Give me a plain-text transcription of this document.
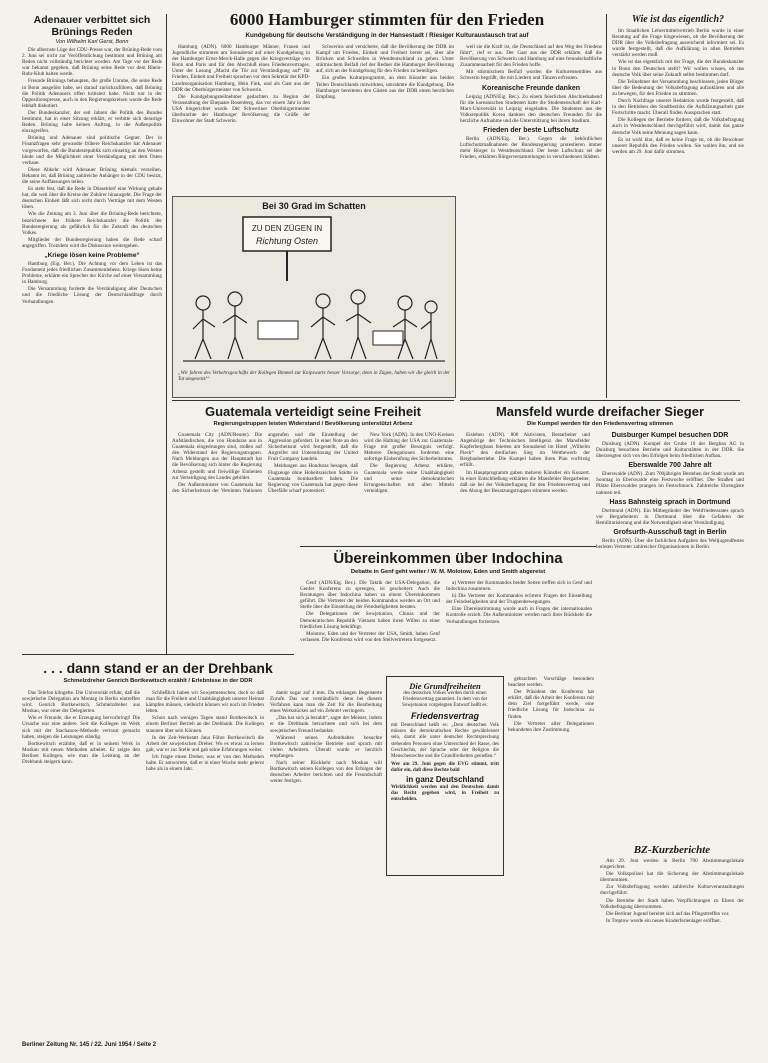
Adenauer verbittet sich
Brünings Reden
Von Wilhelm Karl Gerst, Bonn

Die albernste Lüge der CDU-Presse war, der Brüning-Rede vom 2. Juni sei nicht zur Veröffentlichung bestimmt und Brüning am Reden nicht vollständig berichtet worden. Am Tage vor der Rede war bekannt gegeben, daß Brüning seine Rede vor dem Rhein-Ruhr-Klub halten werde.

Freunde Brünings behaupten, die große Unruhe, die seine Rede in Bonn ausgelöst habe, sei darauf zurückzuführen, daß Brüning die Politik Adenauers offen kritisiert habe. Nicht nur in der Oppositionspresse, auch in den Regierungskreisen wurde die Rede lebhaft diskutiert.

Der Bundeskanzler, der seit Jahren die Politik des Bundes bestimmt, hat in einer Sitzung erklärt, er verbitte sich derartige Reden. Brüning habe keinen Auftrag, in die Außenpolitik einzugreifen.

Brüning und Adenauer sind politische Gegner. Der in Finanzfragen sehr gewandte frühere Reichskanzler hat Adenauer vorgeworfen, daß die Bundesrepublik sich einseitig an den Westen binde und die Möglichkeit einer Verständigung mit dem Osten verbaue.

Diese Abkehr wird Adenauer Brüning niemals verzeihen. Bekannt ist, daß Brüning zahlreiche Anhänger in der CDU besitzt, die seine Auffassungen teilen.

Es steht fest, daß die Rede in Düsseldorf eine Wirkung gehabt hat, die weit über die Kreise der Zuhörer hinausgeht. Die Frage der deutschen Einheit läßt sich nicht durch Verträge mit dem Westen lösen.

Wie die Zeitung am 3. Juni über die Brüning-Rede berichtete, bezeichnete der frühere Reichskanzler die Politik der Bundesregierung als gefährlich für die Zukunft des deutschen Volkes.

Mitglieder der Bundesregierung haben die Rede scharf angegriffen. Trotzdem wird die Diskussion weitergehen.

„Kriege lösen keine Probleme“

Hamburg (Eig. Ber.). Die Achtung vor dem Leben ist das Fundament jedes friedlichen Zusammenlebens. Kriege lösen keine Probleme, erklärte ein Sprecher der Kirche auf einer Versammlung in Hamburg.

Die Versammlung forderte die Verständigung aller Deutschen und die friedliche Lösung der Deutschlandfrage durch Verhandlungen.

6000 Hamburger stimmten für den Frieden
Kundgebung für deutsche Verständigung in der Hansestadt / Riesiger Kulturaustausch trat auf

Hamburg (ADN). 6000 Hamburger Männer, Frauen und Jugendliche stimmten am Sonnabend auf einer Kundgebung in der Hamburger Ernst-Merck-Halle gegen die Kriegsverträge von Bonn und Paris und für den Abschluß eines Friedensvertrages. Unter der Losung „Macht die Tür zur Verständigung auf“ für Frieden, Einheit und Freiheit sprachen vor dem Sekretär der KPD-Landesorganisation Hamburg, Hein Fink, und als Gast aus der DDR der Oberbürgermeister von Schwerin.

Die Kundgebungsteilnehmer gedachten zu Beginn der Veranstaltung der Ehepaare Rosenberg, das vor einem Jahr in den USA hingerichtet wurde. Der Schweriner Oberbürgermeister überbrachte der Hamburger Bevölkerung die Grüße der Einwohner der Stadt Schwerin.

Schwerins und versicherte, daß die Bevölkerung der DDR im Kampf um Frieden, Einheit und Freiheit bereit sei, über alle Brücken und Schwellen in Westdeutschland zu gehen. Unter stürmischem Beifall rief der Redner die Hamburger Bevölkerung auf, sich an der Kundgebung für den Frieden zu beteiligen.

Ein großes Kulturprogramm, an dem Künstler aus beiden Teilen Deutschlands mitwirkten, umrahmte die Kundgebung. Die Hamburger bereiteten den Gästen aus der DDR einen herzlichen Empfang.

weil sie die Kraft ist, die Deutschland auf den Weg des Friedens führt“, rief er aus. Der Gast aus der DDR erklärte, daß die Bevölkerung von Schwerin und Hamburg auf eine freundschaftliche Zusammenarbeit für den Frieden hoffe.

Mit stürmischem Beifall wurden die Kulturensembles aus Schwerin begrüßt, die mit Liedern und Tänzen erfreuten.

Koreanische Freunde danken

Leipzig (ADN/Eig. Ber.). Zu einem feierlichen Abschiedsabend für die koreanischen Studenten hatte die Studentenschaft der Karl-Marx-Universität in Leipzig eingeladen. Die Studenten aus der Volksrepublik Korea dankten den deutschen Freunden für die herzliche Aufnahme und die Unterstützung bei ihrem Studium.

Frieden der beste Luftschutz

Berlin (ADN/Eig. Ber.). Gegen die behördlichen Luftschutzmaßnahmen der Bundesregierung protestieren immer mehr Bürger in Westdeutschland. Der beste Luftschutz sei der Frieden, erklärten Bürgerversammlungen in verschiedenen Städten.

Bei 30 Grad im Schatten
ZU DEN ZÜGEN IN
Richtung Osten
„Wir fahren des Verkehrsgeschäfts der Kollegen Bimmel zur Knipswarte besser Vorsorge, denn in Zügen, haben wir die gleich in der Tat umgesetzt!“
Guatemala verteidigt seine Freiheit
Regierungstruppen leisten Widerstand / Bevölkerung unterstützt Arbenz

Guatemala City (ADN/Reuter). Die Aufständischen, die von Honduras aus in Guatemala eingedrungen sind, stoßen auf den Widerstand der Regierungstruppen. Nach Meldungen aus der Hauptstadt hat die Bevölkerung sich hinter die Regierung Arbenz gestellt und freiwillige Einheiten zur Verteidigung des Landes gebildet.

Der Außenminister von Guatemala hat den Sicherheitsrat der Vereinten Nationen angerufen und die Einstellung der Aggression gefordert. In einer Note an den Sicherheitsrat wird festgestellt, daß die Angreifer mit Unterstützung der United Fruit Company handeln.

Meldungen aus Honduras besagen, daß Flugzeuge ohne Hoheitszeichen Städte in Guatemala bombardiert haben. Die Regierung von Guatemala hat gegen diese Überfälle scharf protestiert.

New York (ADN). In den UNO-Kreisen wird die Haltung der USA zur Guatemala-Frage mit großer Besorgnis verfolgt. Mehrere Delegationen forderten eine sofortige Einberufung des Sicherheitsrates.

Die Regierung Arbenz erklärte, Guatemala werde seine Unabhängigkeit und seine demokratischen Errungenschaften mit allen Mitteln verteidigen.

Mansfeld wurde dreifacher Sieger
Die Kumpel werden für den Friedensvertrag stimmen

Eisleben (ADN). 800 Aktivisten, Bestarbeiter und Angehörige der Technischen Intelligenz des Mansfelder Kupferbergbaus feierten am Sonnabend im Hotel „Wilhelm Pieck“ den dreifachen Sieg im Wettbewerb der Bergbaubetriebe. Die Kumpel haben ihren Plan vorfristig erfüllt.

Im Hauptprogramm gaben mehrere Künstler ein Konzert. In einer Entschließung erklärten die Mansfelder Bergarbeiter, daß sie bei der Volksbefragung für den Friedensvertrag und den Abzug der Besatzungstruppen stimmen werden.

Wie ist das eigentlich?

Im Staatlichen Lehrermittelvertrieb Berlin wurde in einer Beratung auf die Frage hingewiesen, ob die Bevölkerung der DDR über die Volksbefragung ausreichend informiert sei. Es wurde festgestellt, daß die Aufklärung in allen Betrieben verstärkt werden muß.

Wie ist das eigentlich mit der Frage, die der Bundeskanzler in Bonn den Deutschen stellt? Wir wollen wissen, ob das deutsche Volk über seine Zukunft selbst bestimmen darf.

Die Teilnehmer der Versammlung beschlossen, jeden Bürger über die Bedeutung der Volksbefragung aufzuklären und alle zu bewegen, für den Frieden zu stimmen.

Durch Nachfrage unserer Redaktion wurde festgestellt, daß in den Betrieben des Stadtbezirks die Aufklärungsarbeit gute Fortschritte macht. Überall finden Aussprachen statt.

Die Kollegen der Betriebe fordern, daß die Volksbefragung auch in Westdeutschland durchgeführt wird, damit das ganze deutsche Volk seine Meinung sagen kann.

Es ist wohl klar, daß es keine Frage ist, ob die Bewohner unserer Republik den Frieden wollen. Sie wollen ihn, und sie werden am 29. Juni dafür stimmen.

Duisburger Kumpel besuchen DDR

Duisburg (ADN). Kumpel der Grube 10 der Bergbau AG in Duisburg besuchten Betriebe und Kulturstätten in der DDR. Sie überzeugten sich von den Erfolgen beim friedlichen Aufbau.

Eberswalde 700 Jahre alt

Eberswalde (ADN). Zum 700jährigen Bestehen der Stadt wurde am Sonntag in Eberswalde eine Festwoche eröffnet. Die Straßen und Plätze Eberswaldes prangen im Festschmuck. Zahlreiche Ehrengäste nahmen teil.

Hass Bahnsteig sprach in Dortmund

Dortmund (ADN). Ein Mitbegründer des Weltfriedensrates sprach vor Bergarbeitern in Dortmund über die Gefahren der Remilitarisierung und die Notwendigkeit einer Verständigung.

Grofsurth-Ausschuß tagt in Berlin

Berlin (ADN). Über die fachlichen Aufgaben des Weltjugendfestes berieten Vertreter zahlreicher Organisationen in Berlin.

Übereinkommen über Indochina
Debatte in Genf geht weiter / W. M. Molotow, Eden und Smith abgereist

Genf (ADN/Eig. Ber.). Die Taktik der USA-Delegation, die Genfer Konferenz zu sprengen, ist gescheitert. Auch die Beratungen über Indochina haben zu einem Übereinkommen geführt. Die Vertreter der beiden Kommandos werden an Ort und Stelle über die Einstellung der Feindseligkeiten beraten.

Die Delegationen der Sowjetunion, Chinas und der Demokratischen Republik Vietnam haben ihren Willen zu einer friedlichen Lösung bekräftigt.

Molotow, Eden und der Vertreter der USA, Smith, haben Genf verlassen. Die Konferenz wird von den Stellvertretern fortgesetzt.

a) Vertreter der Kommandos beider Seiten treffen sich in Genf und Indochina zusammen.

b) Die Vertreter der Kommandos erörtern Fragen der Einstellung der Feindseligkeiten und der Truppenbewegungen.

Eine Übereinstimmung wurde auch in Fragen der internationalen Kontrolle erzielt. Die Außenminister werden nach ihrer Rückkehr die Verhandlungen fortsetzen.

Die Grundfreiheiten
des deutschen Volkes werden durch einen Friedensvertrag garantiert. In dem von der Sowjetunion vorgelegten Entwurf heißt es:
Friedensvertrag
mit Deutschland heißt es: „Dem deutschen Volk müssen die demokratischen Rechte gewährleistet sein, damit alle unter deutscher Rechtsprechung stehenden Personen ohne Unterschied der Rasse, des Geschlechts, der Sprache oder der Religion die Menschenrechte und die Grundfreiheiten genießen.“
Wer am 29. Juni gegen die EVG stimmt, tritt dafür ein, daß diese Rechte bald
in ganz Deutschland
Wirklichkeit werden und den Deutschen damit das Recht gegeben wird, in Freiheit zu entscheiden.

gebrachten Vorschläge besonders beachtet werden.

Der Präsident der Konferenz hat erklärt, daß die Arbeit der Konferenz mit dem Ziel fortgeführt werde, eine friedliche Lösung für Indochina zu finden.

Die Vertreter aller Delegationen bekundeten ihre Zustimmung.

. . . dann stand er an der Drehbank
Schmelzdreher Genrich Bortkewitsch erzählt / Erlebnisse in der DDR

Das Telefon klingelte. Die Universität erfuhr, daß die sowjetische Delegation am Montag in Berlin eintreffen wird. Genrich Bortkewitsch, Schmelzdreher aus Moskau, war einer der Delegierten.

Wie er Freunde, die er Erzeugung hervorbringt! Die Ursache war eine andere. Seit die Kollegen im Werk sich mit der Stachanow-Methode vertraut gemacht haben, steigen die Leistungen ständig.

Bortkewitsch erzählte, daß er in seinem Werk in Moskau mit neuen Methoden arbeitet. Er zeigte den Berliner Kollegen, wie man die Leistung an der Drehbank steigern kann.

Schließlich haben wir Sowjetmenschen, doch so daß man für die Freiheit und Unabhängigkeit unserer Heimat kämpfen müssen, vielleicht können wir noch im Frieden leben.

Schon nach wenigen Tagen stand Bortkewitsch in einem Berliner Betrieb an der Drehbank. Die Kollegen staunten über sein Können.

In der Zeit-Werkstatt Jana Föhre Bortkewitsch die Arbeit der sowjetischen Dreher. Wo es etwas zu lernen gab, war er zur Stelle und gab seine Erfahrungen weiter.

Ich fragte einen Dreher, was er von den Methoden halte. Er antwortete, daß er in einer Woche mehr gelernt habe als in einem Jahr.

damit sogar auf 4 mm. Da erklangen Begeisterte Zurufe. Das war verständlich: denn bei diesem Verfahren kann man die Zeit für die Bearbeitung eines Werkstückes auf ein Zehntel verringern.

„Das hat sich ja bezahlt“, sagte der Meister, indem er die Drehbank betrachtete und sich bei dem sowjetischen Freund bedankte.

Während seines Aufenthaltes besuchte Bortkewitsch zahlreiche Betriebe und sprach mit vielen Arbeitern. Überall wurde er herzlich empfangen.

Nach seiner Rückkehr nach Moskau will Bortkewitsch seinen Kollegen von den Erfolgen der deutschen Arbeiter berichten und die Freundschaft weiter festigen.

BZ-Kurzberichte

Am 29. Juni werden in Berlin 700 Abstimmungslokale eingerichtet.

Die Volkspolizei hat die Sicherung der Abstimmungslokale übernommen.

Zur Volksbefragung werden zahlreiche Kulturveranstaltungen durchgeführt.

Die Betriebe der Stadt haben Verpflichtungen zu Ehren der Volksbefragung übernommen.

Die Berliner Jugend bereitet sich auf das Pfingsttreffen vor.

In Treptow wurde ein neues Kinderferienlager eröffnet.

Berliner Zeitung Nr. 145 / 22. Juni 1954 / Seite 2
